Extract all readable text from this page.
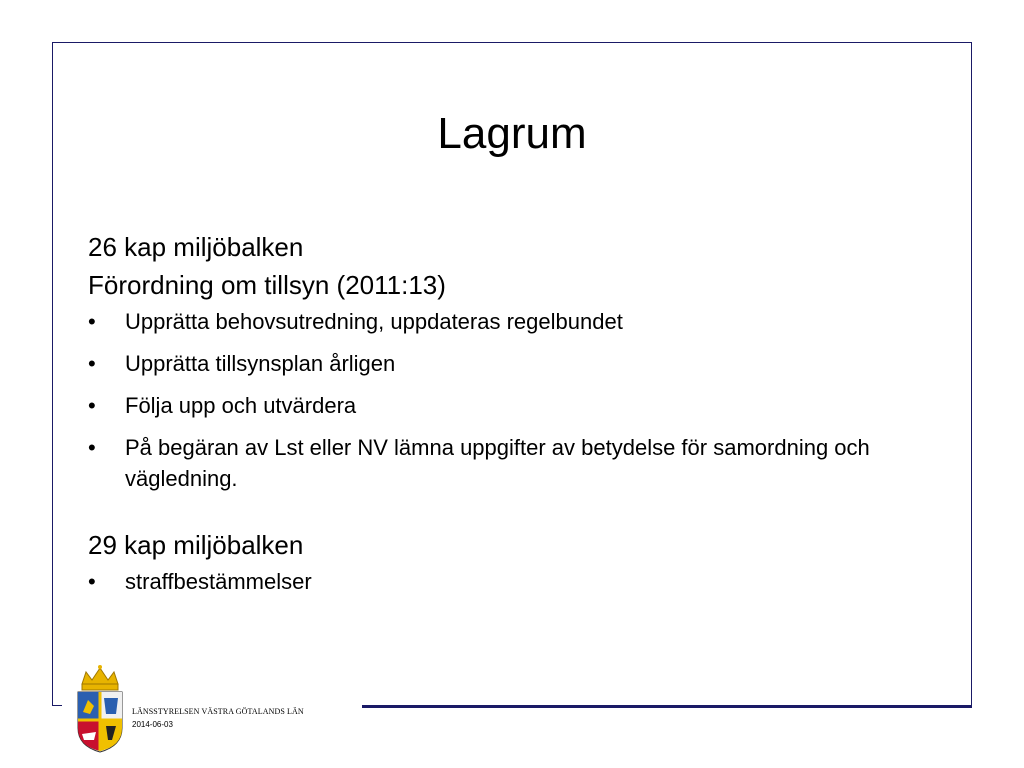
Lagrum
26 kap miljöbalken
Förordning om tillsyn (2011:13)
• Upprätta behovsutredning, uppdateras regelbundet
• Upprätta tillsynsplan årligen
• Följa upp och utvärdera
• På begäran av Lst eller NV lämna uppgifter av betydelse för samordning och vägledning.
29 kap miljöbalken
• straffbestämmelser
LÄNSSTYRELSEN VÄSTRA GÖTALANDS LÄN
2014-06-03
